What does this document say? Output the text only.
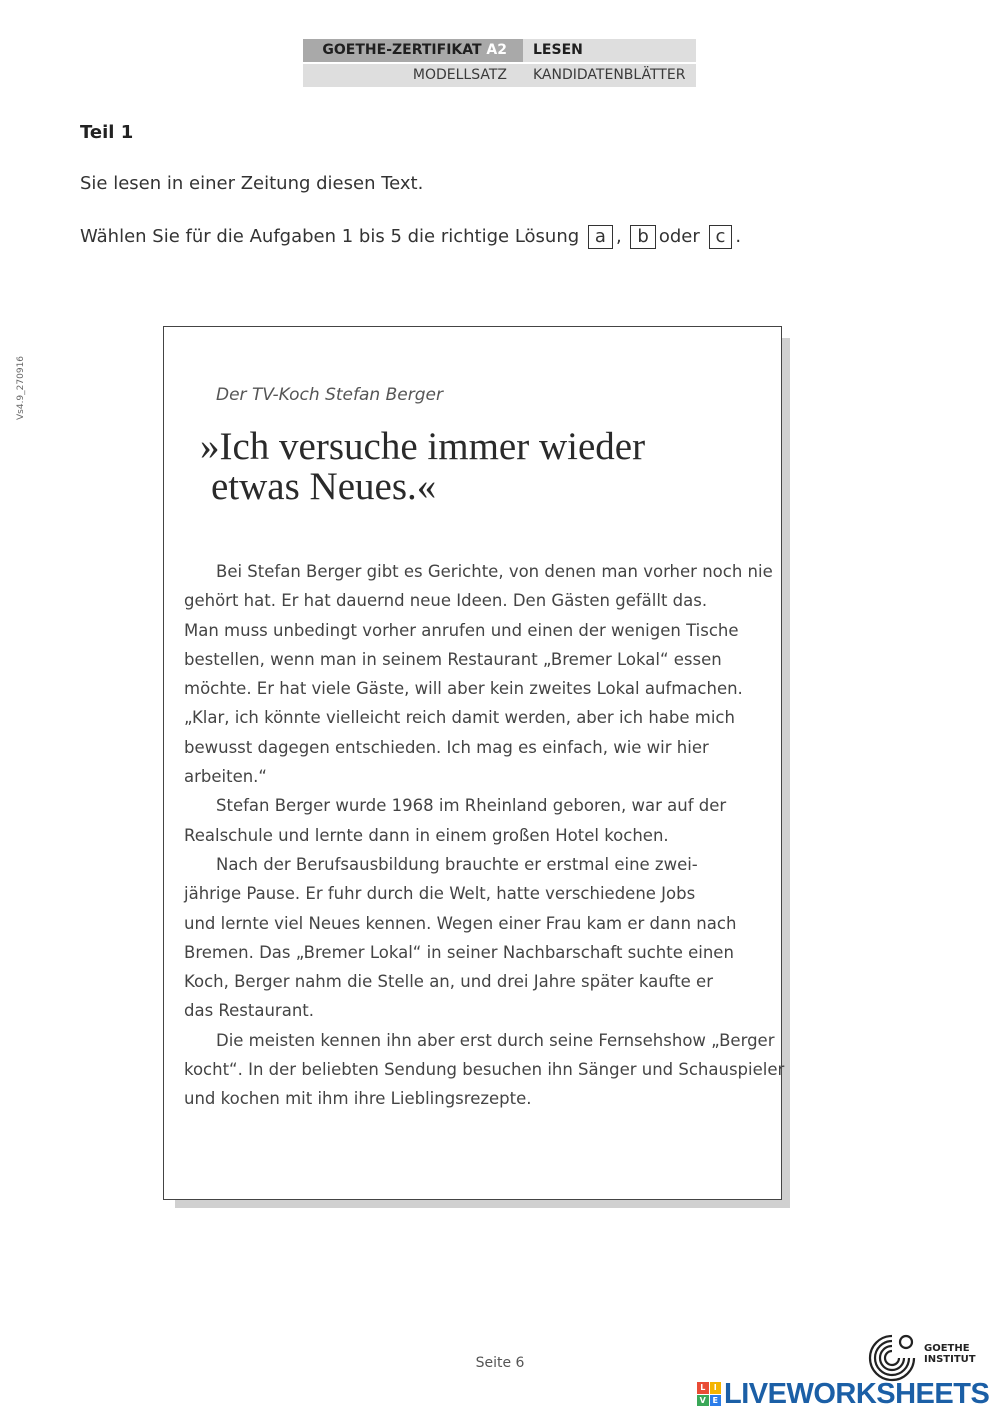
GOETHE-ZERTIFIKAT A2	LESEN
MODELLSATZ	KANDIDATENBLÄTTER
Vs4.9_270916
Teil 1
Sie lesen in einer Zeitung diesen Text.
Wählen Sie für die Aufgaben 1 bis 5 die richtige Lösung a , b oder c .
Der TV-Koch Stefan Berger
»Ich versuche immer wieder
etwas Neues.«
Bei Stefan Berger gibt es Gerichte, von denen man vorher noch nie
gehört hat. Er hat dauernd neue Ideen. Den Gästen gefällt das.
Man muss unbedingt vorher anrufen und einen der wenigen Tische
bestellen, wenn man in seinem Restaurant „Bremer Lokal“ essen
möchte. Er hat viele Gäste, will aber kein zweites Lokal aufmachen.
„Klar, ich könnte vielleicht reich damit werden, aber ich habe mich
bewusst dagegen entschieden. Ich mag es einfach, wie wir hier
arbeiten.“
Stefan Berger wurde 1968 im Rheinland geboren, war auf der
Realschule und lernte dann in einem großen Hotel kochen.
Nach der Berufsausbildung brauchte er erstmal eine zwei-
jährige Pause. Er fuhr durch die Welt, hatte verschiedene Jobs
und lernte viel Neues kennen. Wegen einer Frau kam er dann nach
Bremen. Das „Bremer Lokal“ in seiner Nachbarschaft suchte einen
Koch, Berger nahm die Stelle an, und drei Jahre später kaufte er
das Restaurant.
Die meisten kennen ihn aber erst durch seine Fernsehshow „Berger
kocht“. In der beliebten Sendung besuchen ihn Sänger und Schauspieler
und kochen mit ihm ihre Lieblingsrezepte.
Seite 6
GOETHE
INSTITUT
L	I
V E LIVEWORKSHEETS
